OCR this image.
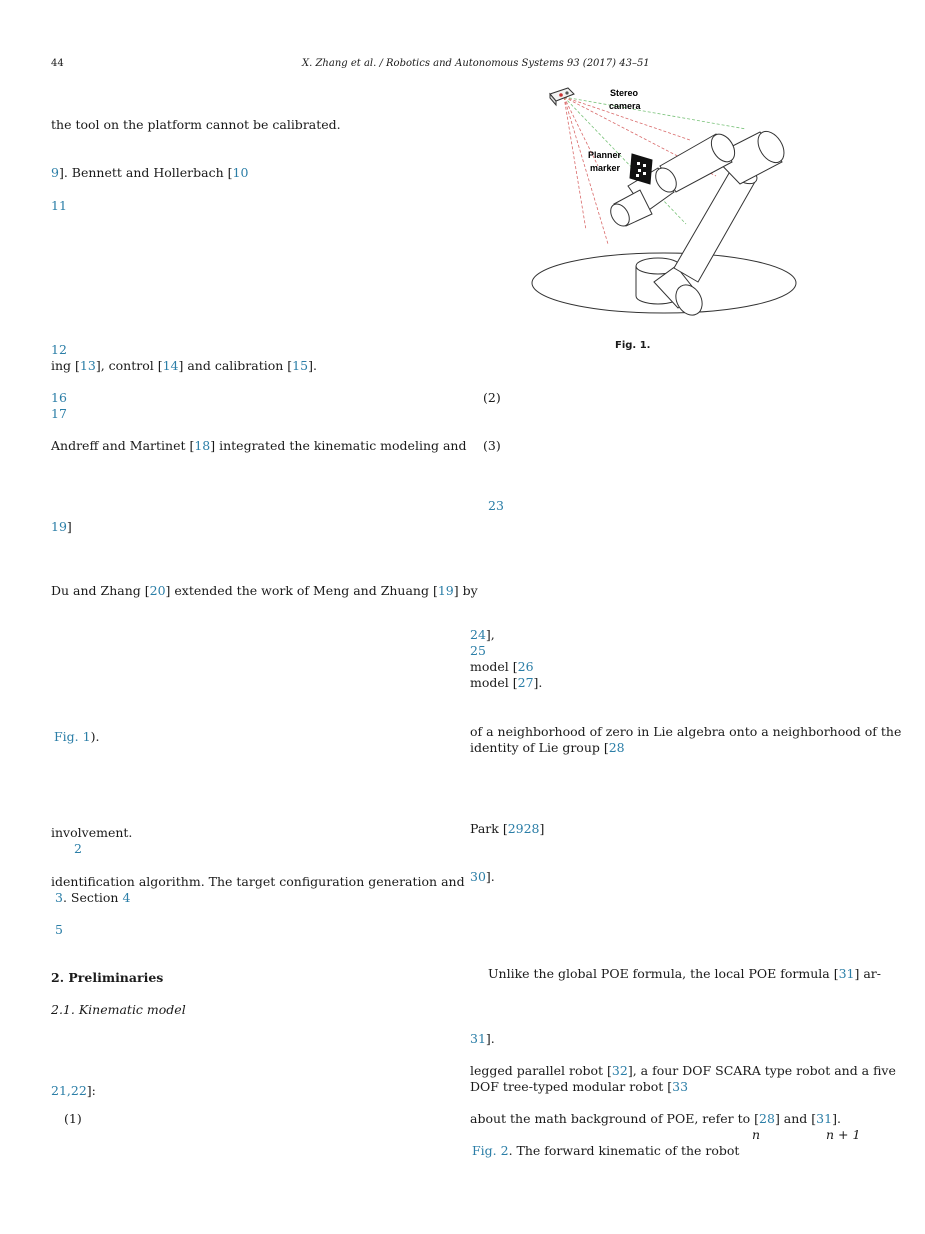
44	X. Zhang et al. / Robotics and Autonomous Systems 93 (2017) 43–51
the tool on the platform cannot be calibrated.
9]. Bennett and Hollerbach [10
11
12
ing [13], control [14] and calibration [15].
16
17
Andreff and Martinet [18] integrated the kinematic modeling and
19]
Du and Zhang [20] extended the work of Meng and Zhuang [19] by
Fig. 1).
involvement.
2
identification algorithm. The target configuration generation and
3. Section 4
5
2. Preliminaries
2.1. Kinematic model
21,22]:
(1)
Stereo
camera
Planner
marker
Fig. 1.
(2)
(3)
23
24],
25
model [26
model [27].
of a neighborhood of zero in Lie algebra onto a neighborhood of the
identity of Lie group [28
Park [2928]
30].
Unlike the global POE formula, the local POE formula [31] ar-
31].
legged parallel robot [32], a four DOF SCARA type robot and a five
DOF tree-typed modular robot [33
about the math background of POE, refer to [28] and [31].
n	n + 1
Fig. 2. The forward kinematic of the robot
